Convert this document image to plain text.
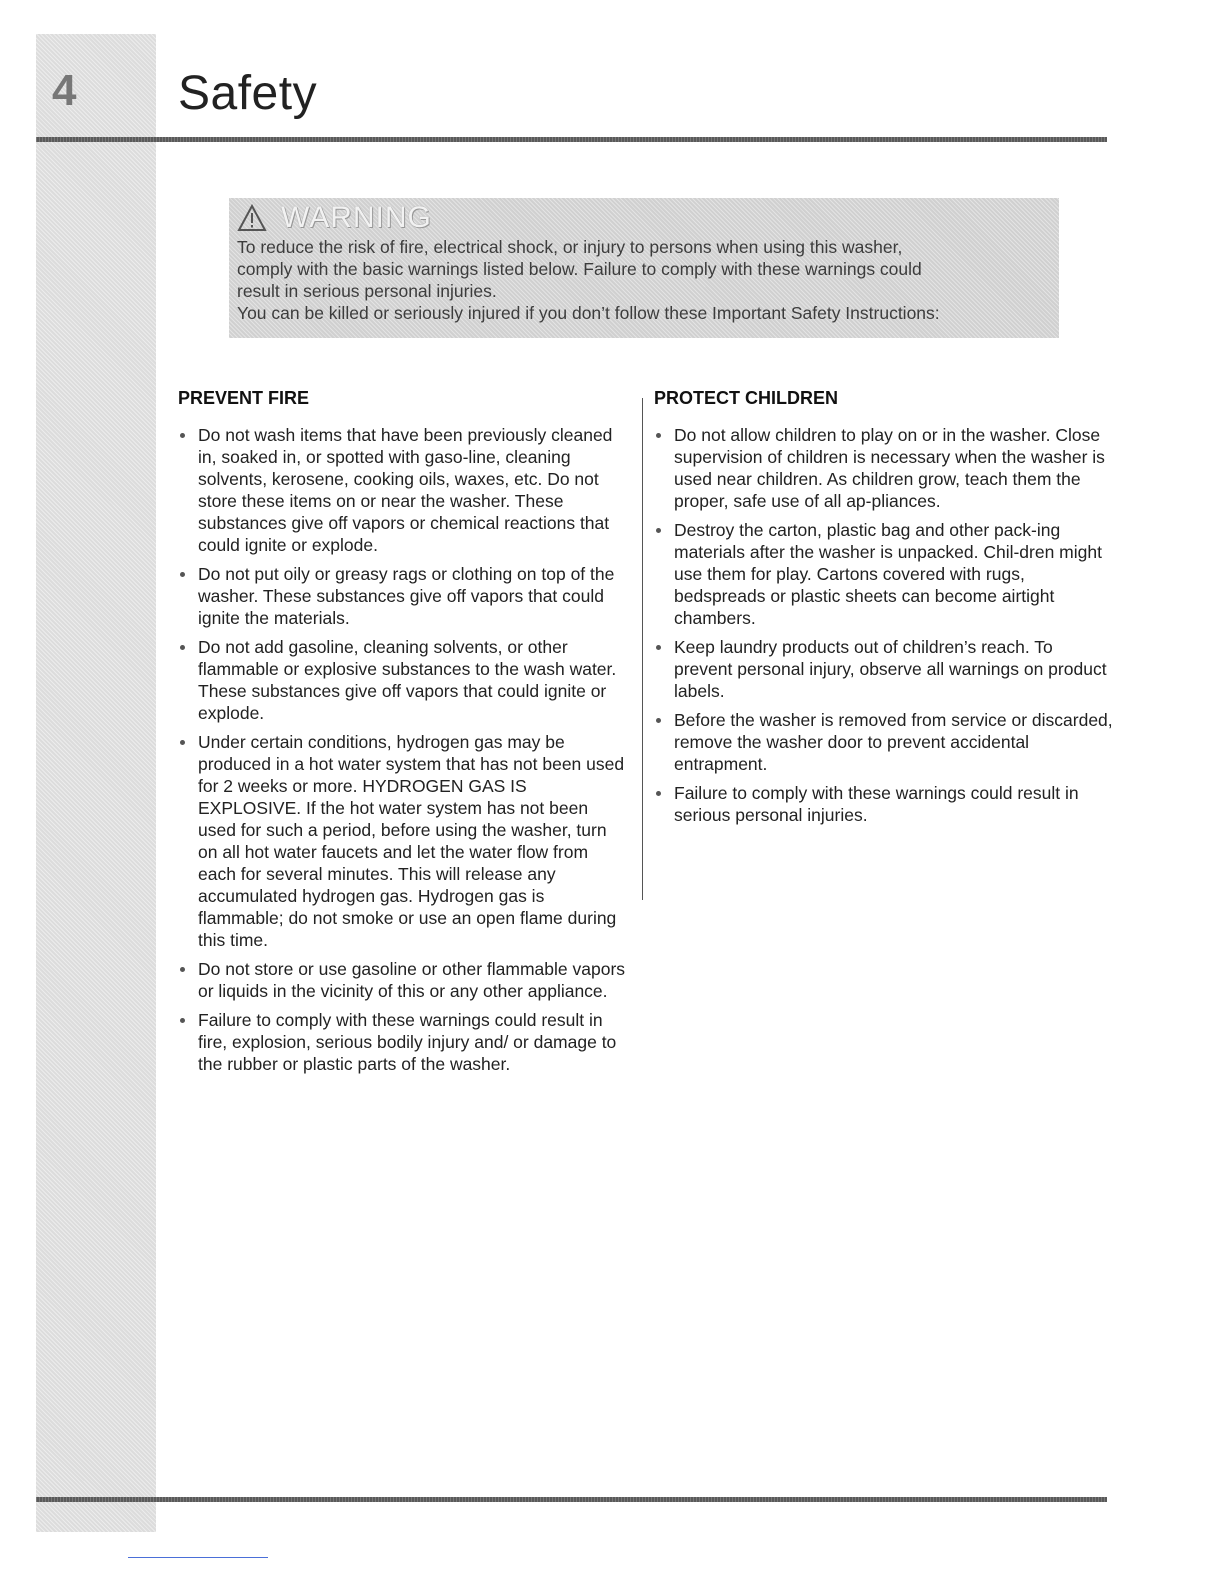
4	Safety
WARNING
To reduce the risk of fire, electrical shock, or injury to persons when using this washer,
comply with the basic warnings listed below. Failure to comply with these warnings could
result in serious personal injuries.
You can be killed or seriously injured if you don’t follow these Important Safety Instructions:
PREVENT FIRE
Do not wash items that have been previously cleaned in, soaked in, or spotted with gaso-line, cleaning solvents, kerosene, cooking oils, waxes, etc. Do not store these items on or near the washer. These substances give off vapors or chemical reactions that could ignite or explode.
Do not put oily or greasy rags or clothing on top of the washer. These substances give off vapors that could ignite the materials.
Do not add gasoline, cleaning solvents, or other flammable or explosive substances to the wash water. These substances give off vapors that could ignite or explode.
Under certain conditions, hydrogen gas may be produced in a hot water system that has not been used for 2 weeks or more. HYDROGEN GAS IS EXPLOSIVE. If the hot water system has not been used for such a period, before using the washer, turn on all hot water faucets and let the water flow from each for several minutes. This will release any accumulated hydrogen gas. Hydrogen gas is flammable; do not smoke or use an open flame during this time.
Do not store or use gasoline or other flammable vapors or liquids in the vicinity of this or any other appliance.
Failure to comply with these warnings could result in fire, explosion, serious bodily injury and/ or damage to the rubber or plastic parts of the washer.
PROTECT CHILDREN
Do not allow children to play on or in the washer. Close supervision of children is necessary when the washer is used near children. As children grow, teach them the proper, safe use of all ap-pliances.
Destroy the carton, plastic bag and other pack-ing materials after the washer is unpacked. Chil-dren might use them for play. Cartons covered with rugs, bedspreads or plastic sheets can become airtight chambers.
Keep laundry products out of children’s reach. To prevent personal injury, observe all warnings on product labels.
Before the washer is removed from service or discarded, remove the washer door to prevent accidental entrapment.
Failure to comply with these warnings could result in serious personal injuries.
